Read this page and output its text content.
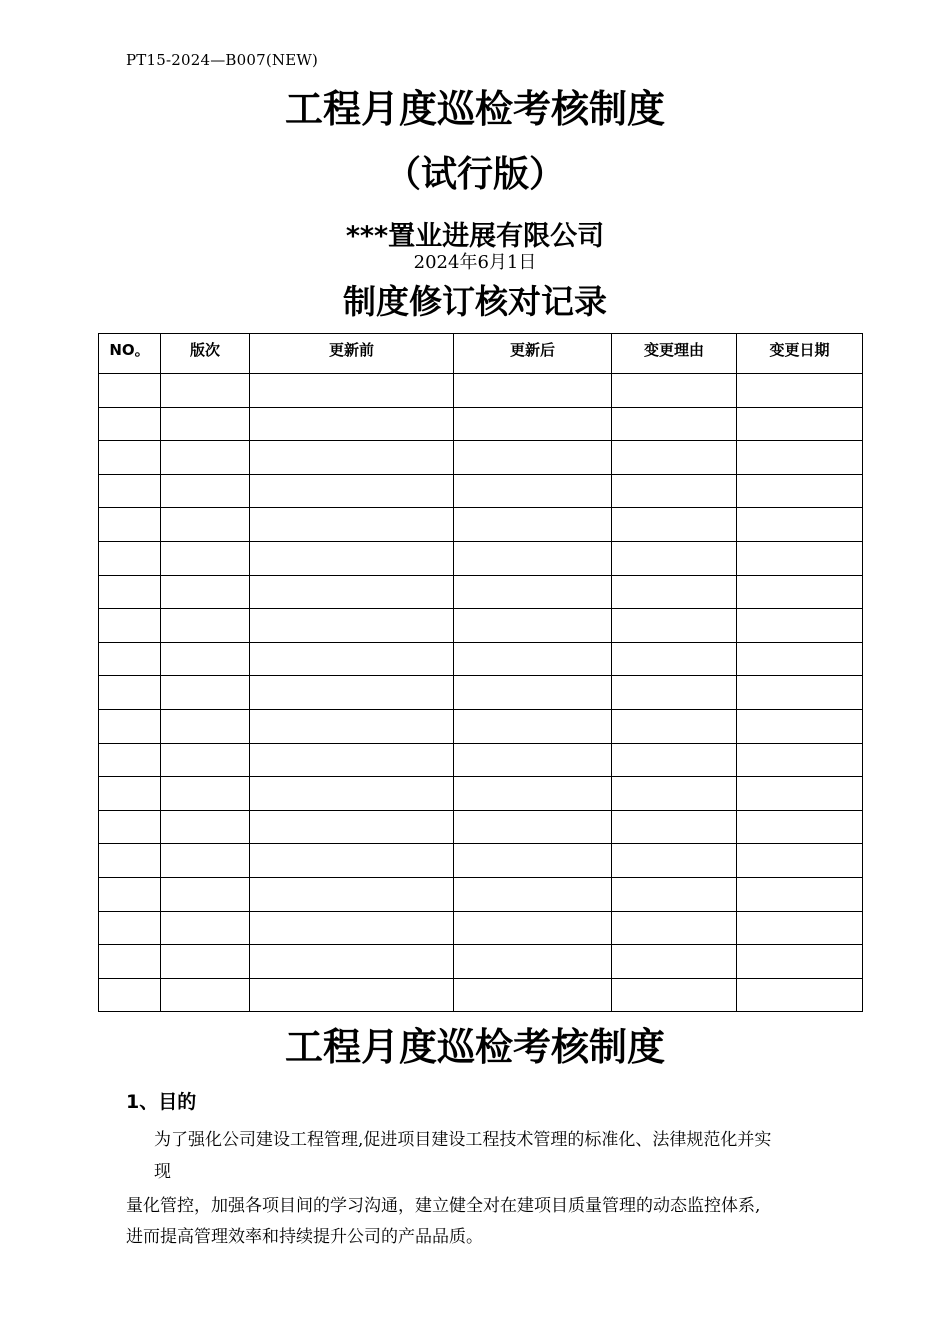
PT15-2024—B007(NEW)
工程月度巡检考核制度
（试行版）
***置业进展有限公司
2024年6月1日
制度修订核对记录
NO。	版次	更新前	更新后	变更理由	变更日期

工程月度巡检考核制度
1、目的
为了强化公司建设工程管理,促进项目建设工程技术管理的标准化、法律规范化并实
现
量化管控，加强各项目间的学习沟通，建立健全对在建项目质量管理的动态监控体系,
进而提高管理效率和持续提升公司的产品品质。
